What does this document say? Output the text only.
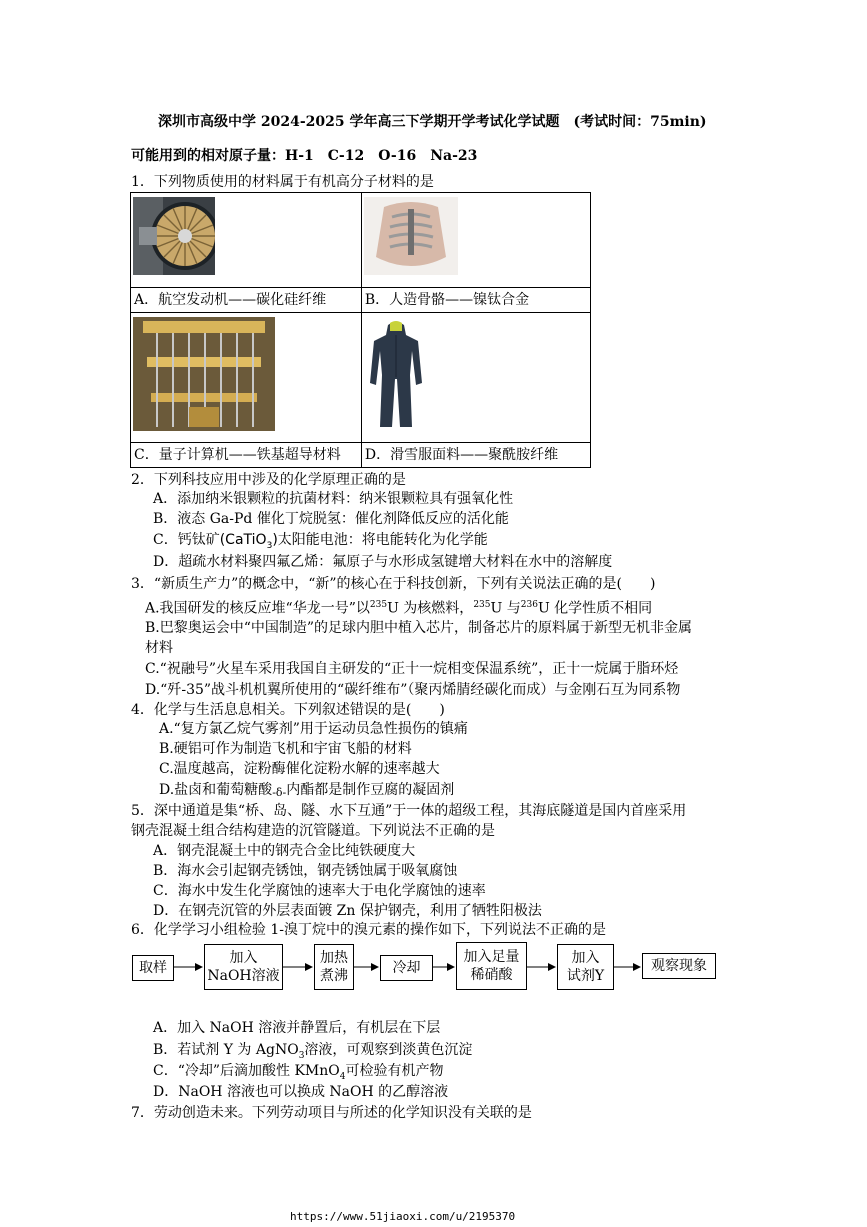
深圳市高级中学 2024-2025 学年高三下学期开学考试化学试题　(考试时间：75min)
可能用到的相对原子量：H-1　C-12　O-16　Na-23
1．下列物质使用的材料属于有机高分子材料的是

A．航空发动机——碳化硅纤维	B．人造骨骼——镍钛合金

C．量子计算机——铁基超导材料	D．滑雪服面料——聚酰胺纤维
2．下列科技应用中涉及的化学原理正确的是
A．添加纳米银颗粒的抗菌材料：纳米银颗粒具有强氧化性
B．液态 Ga-Pd 催化丁烷脱氢：催化剂降低反应的活化能
C．钙钛矿(CaTiO$_3$)太阳能电池：将电能转化为化学能
D．超疏水材料聚四氟乙烯：氟原子与水形成氢键增大材料在水中的溶解度
3．“新质生产力”的概念中，“新”的核心在于科技创新，下列有关说法正确的是(　　)
A.我国研发的核反应堆“华龙一号”以$^{235}$U 为核燃料，$^{235}$U 与$^{236}$U 化学性质不相同
B.巴黎奥运会中“中国制造”的足球内胆中植入芯片，制备芯片的原料属于新型无机非金属
材料
C.“祝融号”火星车采用我国自主研发的“正十一烷相变保温系统”，正十一烷属于脂环烃
D.“歼-35”战斗机机翼所使用的“碳纤维布”（聚丙烯腈经碳化而成）与金刚石互为同系物
4．化学与生活息息相关。下列叙述错误的是(　　)
A.“复方氯乙烷气雾剂”用于运动员急性损伤的镇痛
B.硬铝可作为制造飞机和宇宙飞船的材料
C.温度越高，淀粉酶催化淀粉水解的速率越大
D.盐卤和葡萄糖酸-δ-内酯都是制作豆腐的凝固剂
5．深中通道是集“桥、岛、隧、水下互通”于一体的超级工程，其海底隧道是国内首座采用
钢壳混凝土组合结构建造的沉管隧道。下列说法不正确的是
A．钢壳混凝土中的钢壳合金比纯铁硬度大
B．海水会引起钢壳锈蚀，钢壳锈蚀属于吸氧腐蚀
C．海水中发生化学腐蚀的速率大于电化学腐蚀的速率
D．在钢壳沉管的外层表面镀 Zn 保护钢壳，利用了牺牲阳极法
6．化学学习小组检验 1-溴丁烷中的溴元素的操作如下，下列说法不正确的是
取样
加入
NaOH溶液
加热
煮沸	冷却
加入足量
稀硝酸
加入
试剂Y
观察现象
A．加入 NaOH 溶液并静置后，有机层在下层
B．若试剂 Y 为 AgNO$_3$溶液，可观察到淡黄色沉淀
C．“冷却”后滴加酸性 KMnO$_4$可检验有机产物
D．NaOH 溶液也可以换成 NaOH 的乙醇溶液
7．劳动创造未来。下列劳动项目与所述的化学知识没有关联的是
https://www.51jiaoxi.com/u/2195370
